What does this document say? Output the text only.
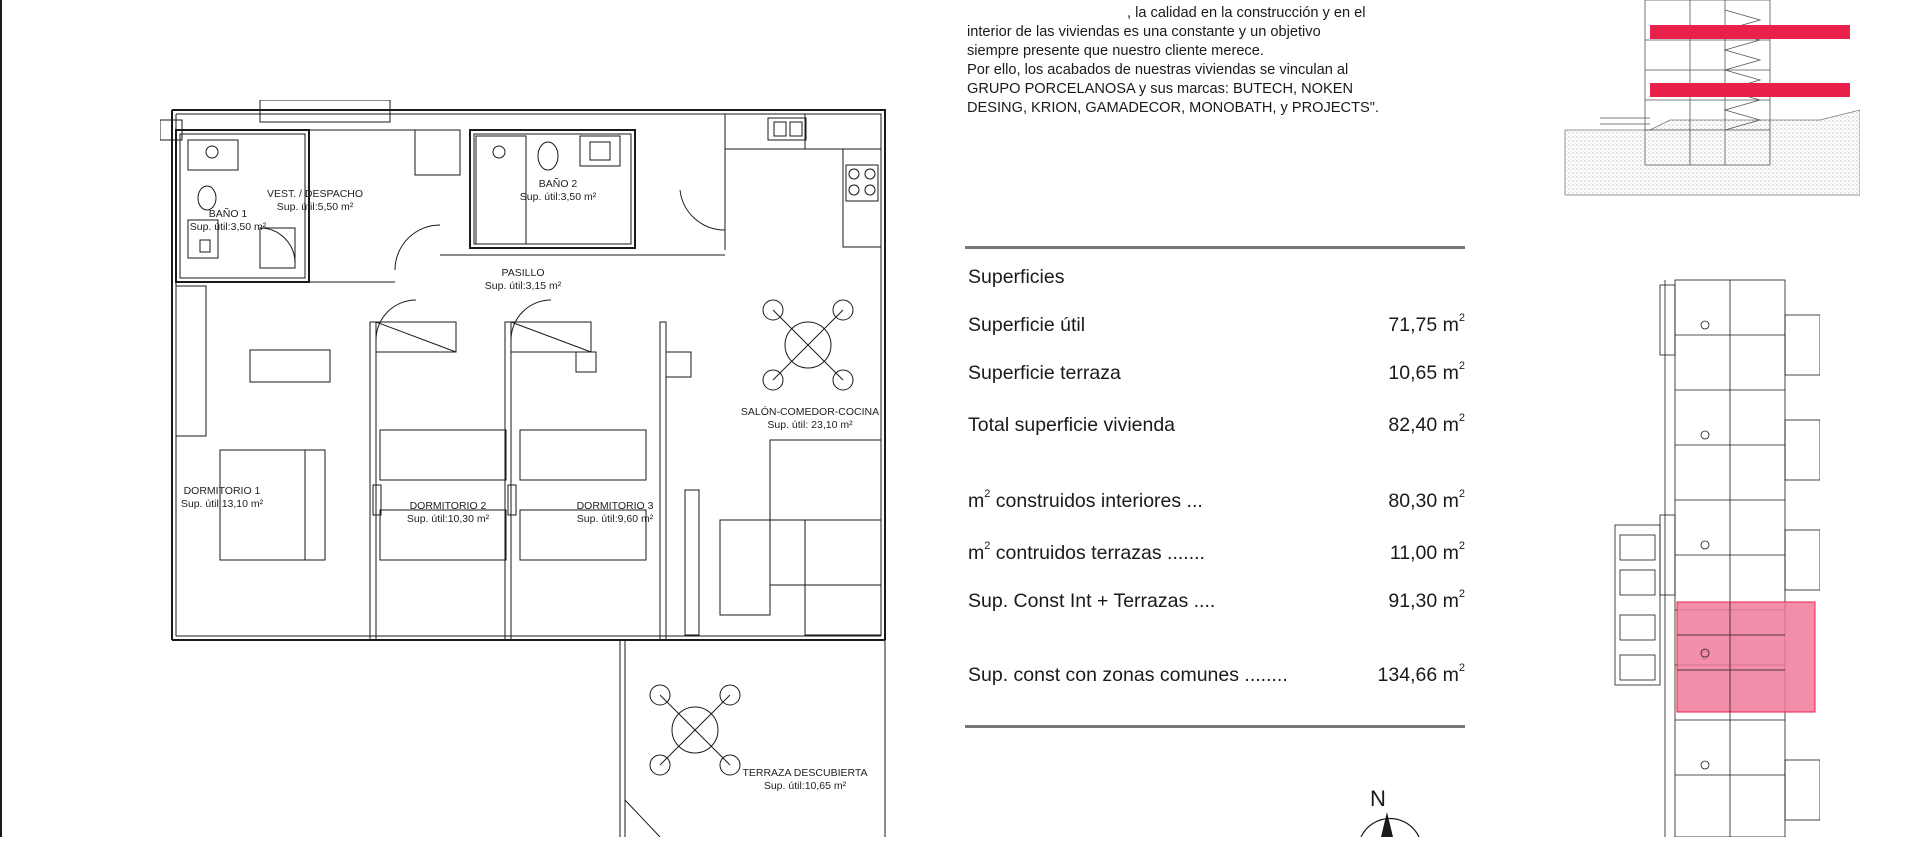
BAÑO 1
Sup. útil:3,50 m²
VEST. / DESPACHO
Sup. útil:5,50 m²
BAÑO 2
Sup. útil:3,50 m²
PASILLO
Sup. útil:3,15 m²
SALÓN-COMEDOR-COCINA
Sup. útil: 23,10 m²
DORMITORIO 1
Sup. útil:13,10 m²	DORMITORIO 2
Sup. útil:10,30 m²
DORMITORIO 3
Sup. útil:9,60 m²
TERRAZA DESCUBIERTA
Sup. útil:10,65 m²

, la calidad en la construcción y en el

interior de las viviendas es una constante y un objetivo

siempre presente que nuestro cliente merece.

Por ello, los acabados de nuestras viviendas se vinculan al

GRUPO PORCELANOSA y sus marcas: BUTECH, NOKEN

DESING, KRION, GAMADECOR, MONOBATH, y PROJECTS".

Superficies
Superficie útil	71,75 $m^2$
Superficie terraza	10,65 $m^2$
Total superficie vivienda	82,40 $m^2$
$m^2$ construidos interiores ...	80,30 $m^2$
$m^2$ contruidos terrazas .......	11,00 $m^2$
Sup. Const Int + Terrazas ....	91,30 $m^2$
Sup. const con zonas comunes ........	134,66 $m^2$
N
